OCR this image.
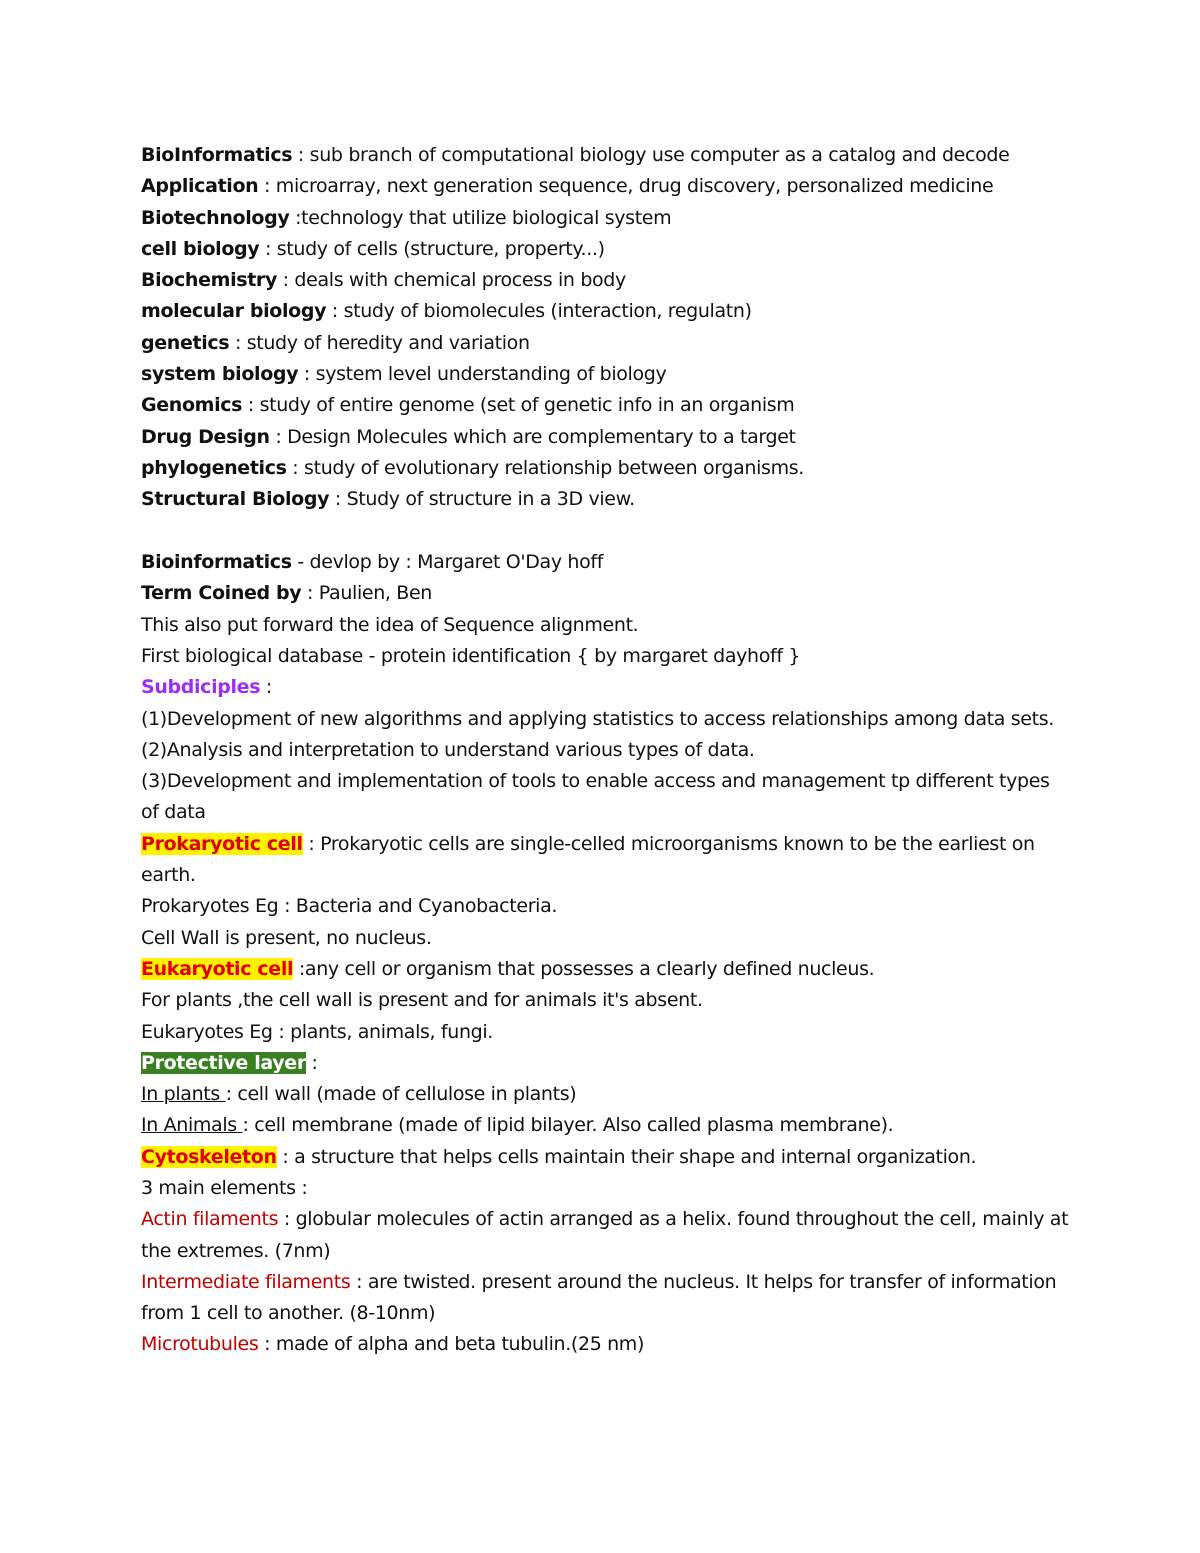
BioInformatics : sub branch of computational biology use computer as a catalog and decode
Application : microarray, next generation sequence, drug discovery, personalized medicine
Biotechnology :technology that utilize biological system
cell biology : study of cells (structure, property...)
Biochemistry : deals with chemical process in body
molecular biology : study of biomolecules (interaction, regulatn)
genetics : study of heredity and variation
system biology : system level understanding of biology
Genomics : study of entire genome (set of genetic info in an organism
Drug Design : Design Molecules which are complementary to a target
phylogenetics : study of evolutionary relationship between organisms.
Structural Biology : Study of structure in a 3D view.
Bioinformatics - devlop by : Margaret O'Day hoff
Term Coined by : Paulien, Ben
This also put forward the idea of Sequence alignment.
First biological database - protein identification { by margaret dayhoff }
Subdiciples :
(1)Development of new algorithms and applying statistics to access relationships among data sets.
(2)Analysis and interpretation to understand various types of data.
(3)Development and implementation of tools to enable access and management tp different types of data
Prokaryotic cell : Prokaryotic cells are single-celled microorganisms known to be the earliest on earth.
Prokaryotes Eg : Bacteria and Cyanobacteria.
Cell Wall is present, no nucleus.
Eukaryotic cell :any cell or organism that possesses a clearly defined nucleus.
For plants ,the cell wall is present and for animals it's absent.
Eukaryotes Eg : plants, animals, fungi.
Protective layer :
In plants : cell wall (made of cellulose in plants)
In Animals : cell membrane (made of lipid bilayer. Also called plasma membrane).
Cytoskeleton : a structure that helps cells maintain their shape and internal organization.
3 main elements :
Actin filaments : globular molecules of actin arranged as a helix. found throughout the cell, mainly at the extremes. (7nm)
Intermediate filaments : are twisted. present around the nucleus. It helps for transfer of information from 1 cell to another. (8-10nm)
Microtubules : made of alpha and beta tubulin.(25 nm)
